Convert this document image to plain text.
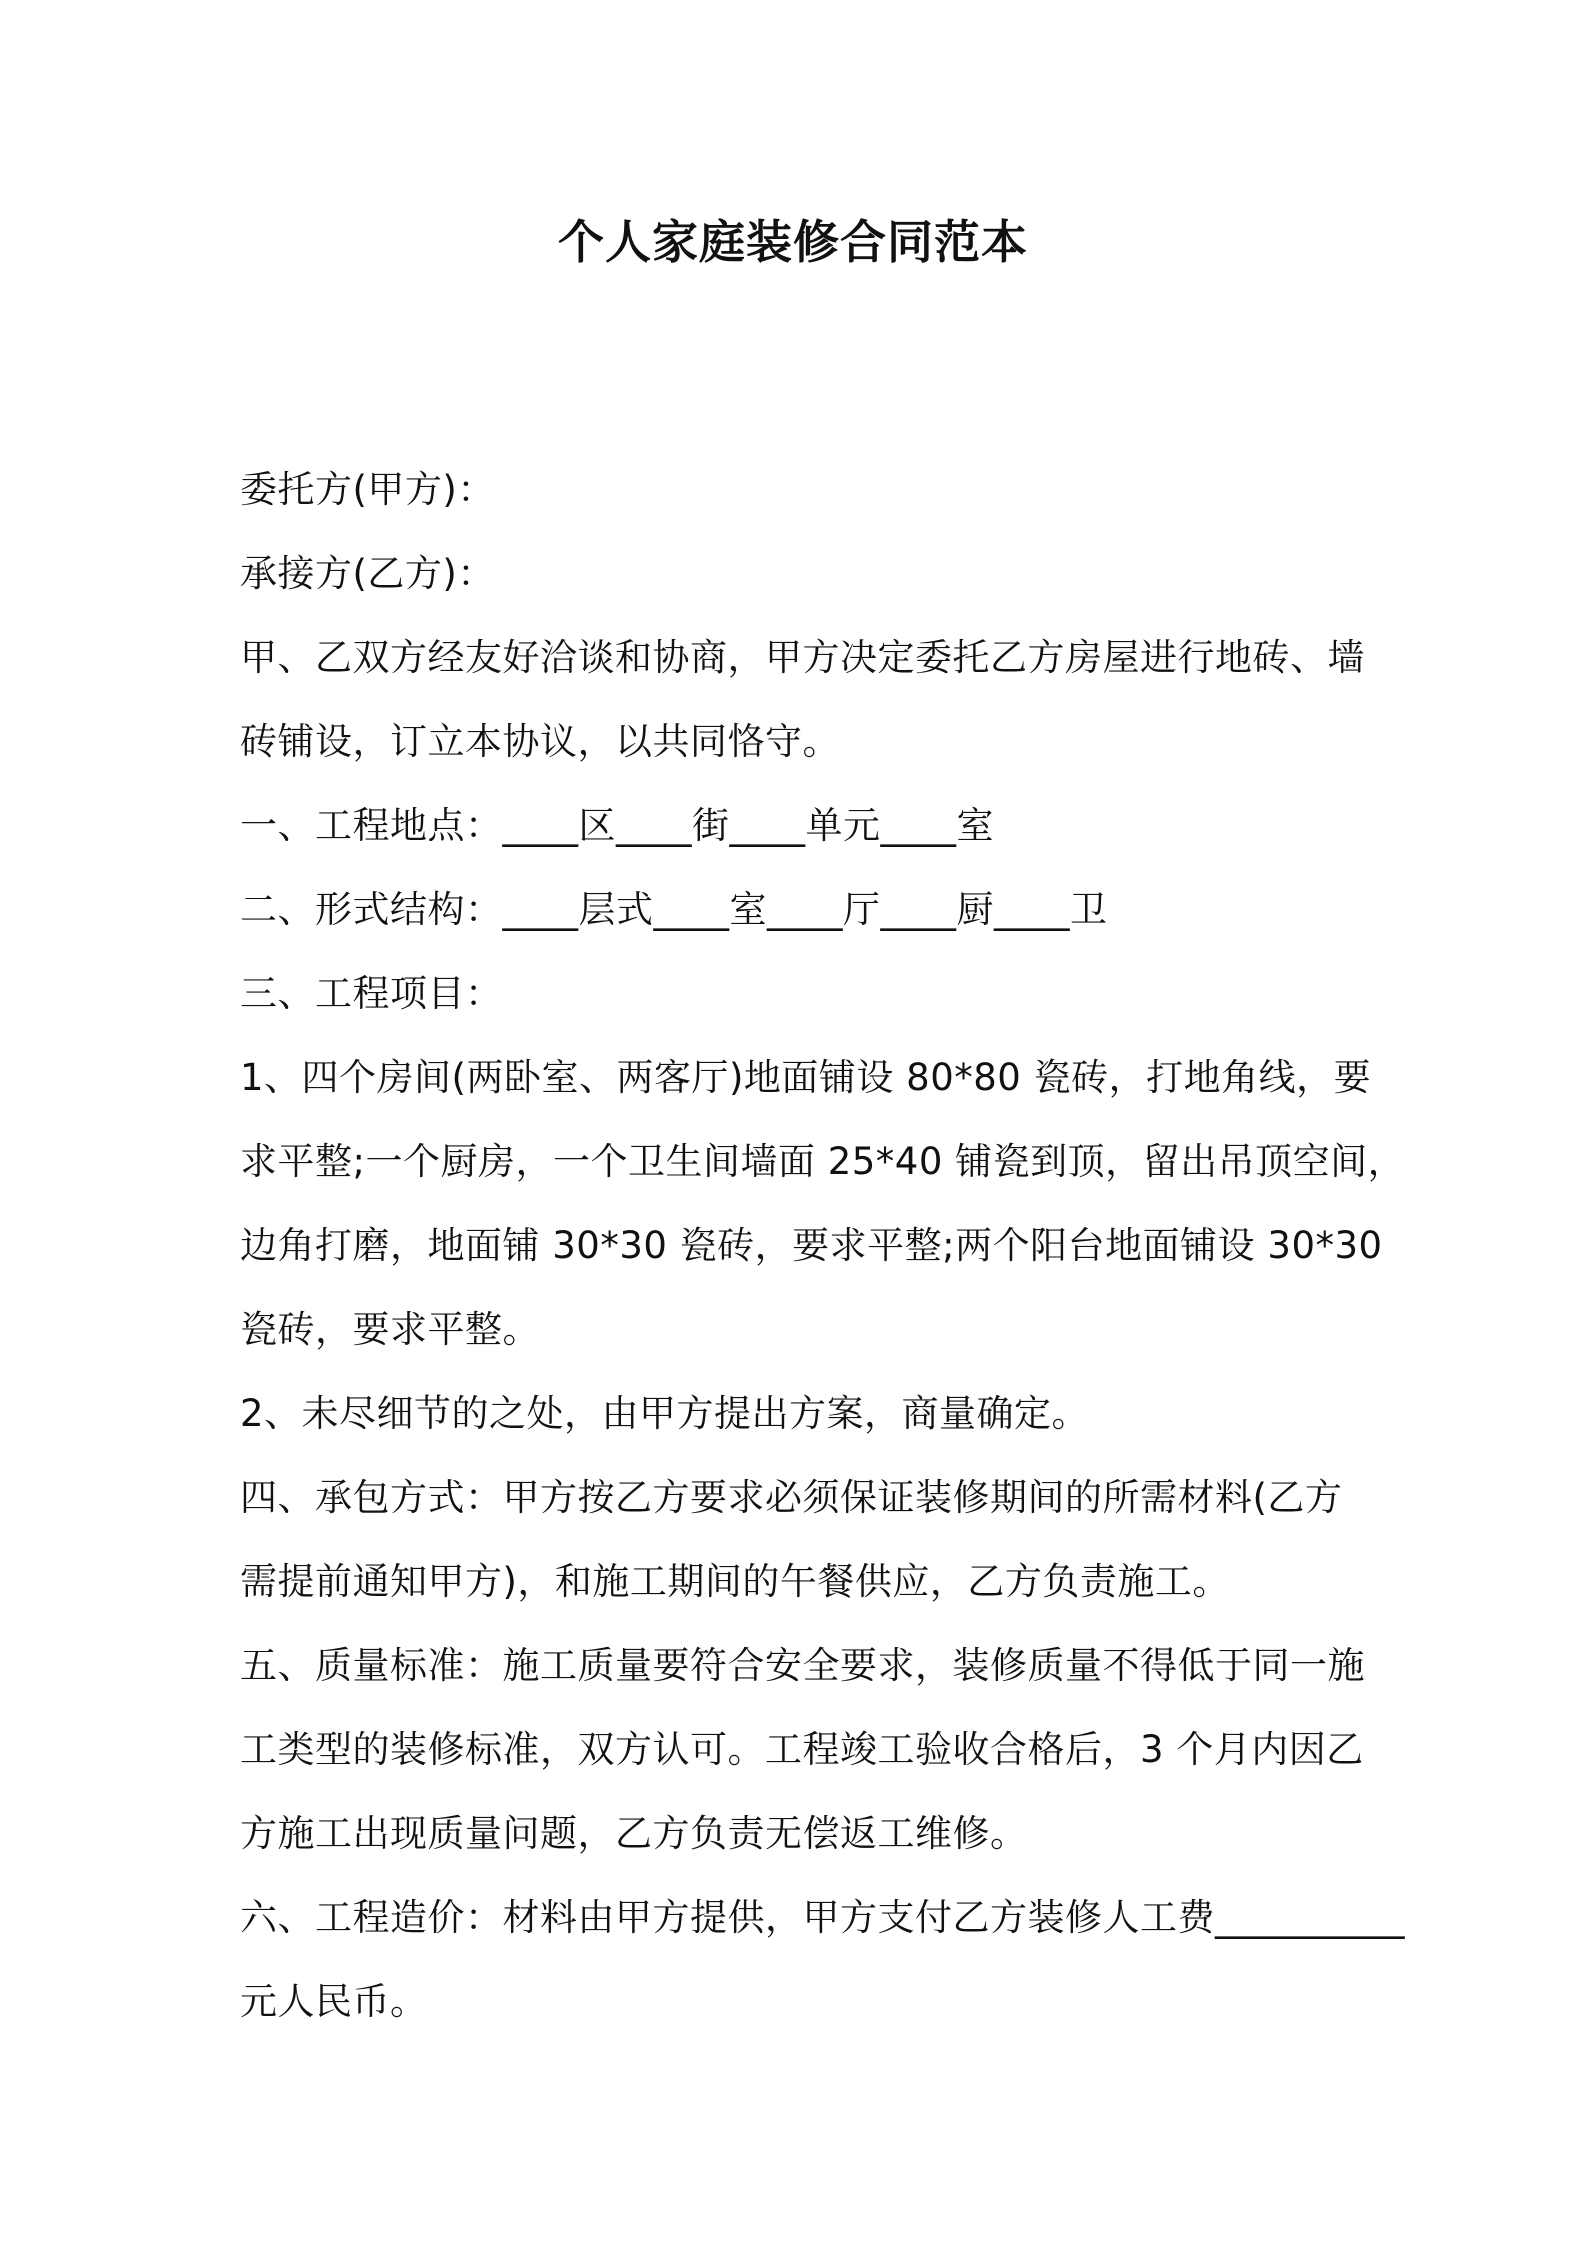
个人家庭装修合同范本
委托方(甲方)：
承接方(乙方)：
甲、乙双方经友好洽谈和协商，甲方决定委托乙方房屋进行地砖、墙
砖铺设，订立本协议，以共同恪守。
一、工程地点：____区____街____单元____室
二、形式结构：____层式____室____厅____厨____卫
三、工程项目：
1、四个房间(两卧室、两客厅)地面铺设 80*80 瓷砖，打地角线，要
求平整;一个厨房，一个卫生间墙面 25*40 铺瓷到顶，留出吊顶空间，
边角打磨，地面铺 30*30 瓷砖，要求平整;两个阳台地面铺设 30*30
瓷砖，要求平整。
2、未尽细节的之处，由甲方提出方案，商量确定。
四、承包方式：甲方按乙方要求必须保证装修期间的所需材料(乙方
需提前通知甲方)，和施工期间的午餐供应，乙方负责施工。
五、质量标准：施工质量要符合安全要求，装修质量不得低于同一施
工类型的装修标准，双方认可。工程竣工验收合格后，3 个月内因乙
方施工出现质量问题，乙方负责无偿返工维修。
六、工程造价：材料由甲方提供，甲方支付乙方装修人工费__________
元人民币。
